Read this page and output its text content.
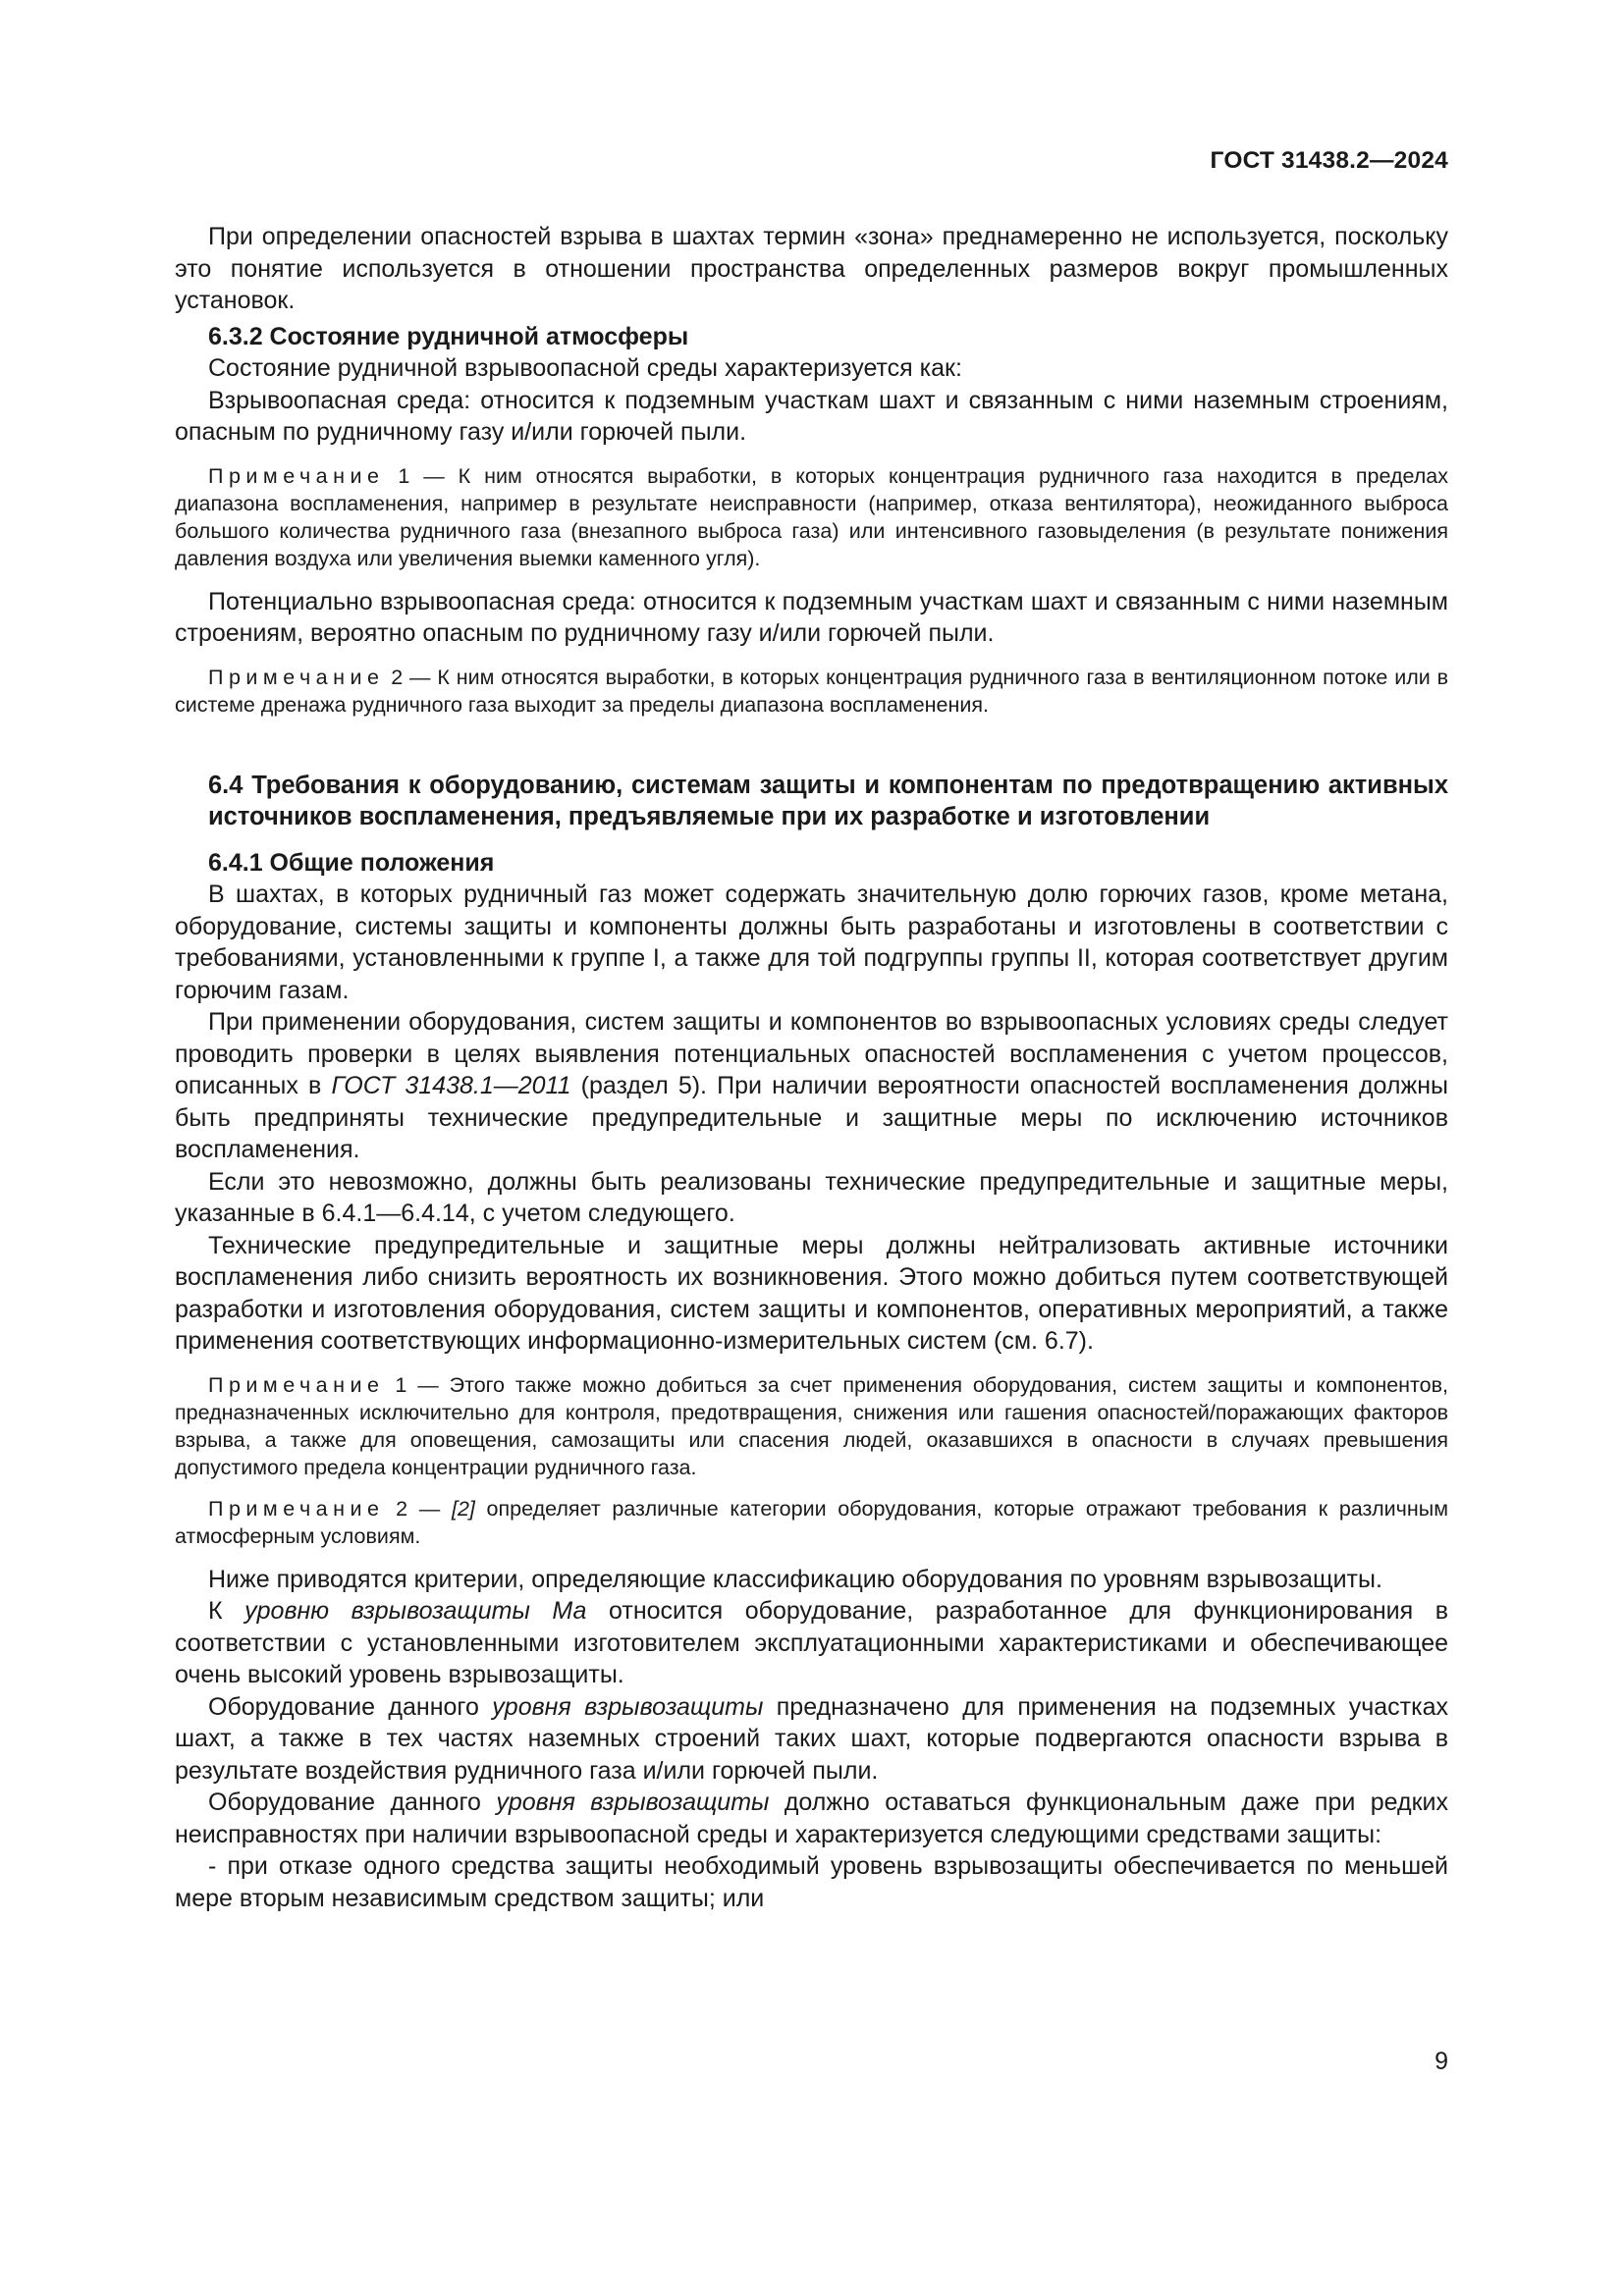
ГОСТ 31438.2—2024

При определении опасностей взрыва в шахтах термин «зона» преднамеренно не используется, поскольку это понятие используется в отношении пространства определенных размеров вокруг промышленных установок.

6.3.2 Состояние рудничной атмосферы

Состояние рудничной взрывоопасной среды характеризуется как:

Взрывоопасная среда: относится к подземным участкам шахт и связанным с ними наземным строениям, опасным по рудничному газу и/или горючей пыли.

Примечание 1 — К ним относятся выработки, в которых концентрация рудничного газа находится в пределах диапазона воспламенения, например в результате неисправности (например, отказа вентилятора), неожиданного выброса большого количества рудничного газа (внезапного выброса газа) или интенсивного газовыделения (в результате понижения давления воздуха или увеличения выемки каменного угля).

Потенциально взрывоопасная среда: относится к подземным участкам шахт и связанным с ними наземным строениям, вероятно опасным по рудничному газу и/или горючей пыли.

Примечание 2 — К ним относятся выработки, в которых концентрация рудничного газа в вентиляционном потоке или в системе дренажа рудничного газа выходит за пределы диапазона воспламенения.

6.4 Требования к оборудованию, системам защиты и компонентам по предотвращению активных источников воспламенения, предъявляемые при их разработке и изготовлении
6.4.1 Общие положения

В шахтах, в которых рудничный газ может содержать значительную долю горючих газов, кроме метана, оборудование, системы защиты и компоненты должны быть разработаны и изготовлены в соответствии с требованиями, установленными к группе I, а также для той подгруппы группы II, которая соответствует другим горючим газам.

При применении оборудования, систем защиты и компонентов во взрывоопасных условиях среды следует проводить проверки в целях выявления потенциальных опасностей воспламенения с учетом процессов, описанных в ГОСТ 31438.1—2011 (раздел 5). При наличии вероятности опасностей воспламенения должны быть предприняты технические предупредительные и защитные меры по исключению источников воспламенения.

Если это невозможно, должны быть реализованы технические предупредительные и защитные меры, указанные в 6.4.1—6.4.14, с учетом следующего.

Технические предупредительные и защитные меры должны нейтрализовать активные источники воспламенения либо снизить вероятность их возникновения. Этого можно добиться путем соответствующей разработки и изготовления оборудования, систем защиты и компонентов, оперативных мероприятий, а также применения соответствующих информационно-измерительных систем (см. 6.7).

Примечание 1 — Этого также можно добиться за счет применения оборудования, систем защиты и компонентов, предназначенных исключительно для контроля, предотвращения, снижения или гашения опасностей/поражающих факторов взрыва, а также для оповещения, самозащиты или спасения людей, оказавшихся в опасности в случаях превышения допустимого предела концентрации рудничного газа.

Примечание 2 — [2] определяет различные категории оборудования, которые отражают требования к различным атмосферным условиям.

Ниже приводятся критерии, определяющие классификацию оборудования по уровням взрывозащиты.

К уровню взрывозащиты Ма относится оборудование, разработанное для функционирования в соответствии с установленными изготовителем эксплуатационными характеристиками и обеспечивающее очень высокий уровень взрывозащиты.

Оборудование данного уровня взрывозащиты предназначено для применения на подземных участках шахт, а также в тех частях наземных строений таких шахт, которые подвергаются опасности взрыва в результате воздействия рудничного газа и/или горючей пыли.

Оборудование данного уровня взрывозащиты должно оставаться функциональным даже при редких неисправностях при наличии взрывоопасной среды и характеризуется следующими средствами защиты:

- при отказе одного средства защиты необходимый уровень взрывозащиты обеспечивается по меньшей мере вторым независимым средством защиты; или

9
